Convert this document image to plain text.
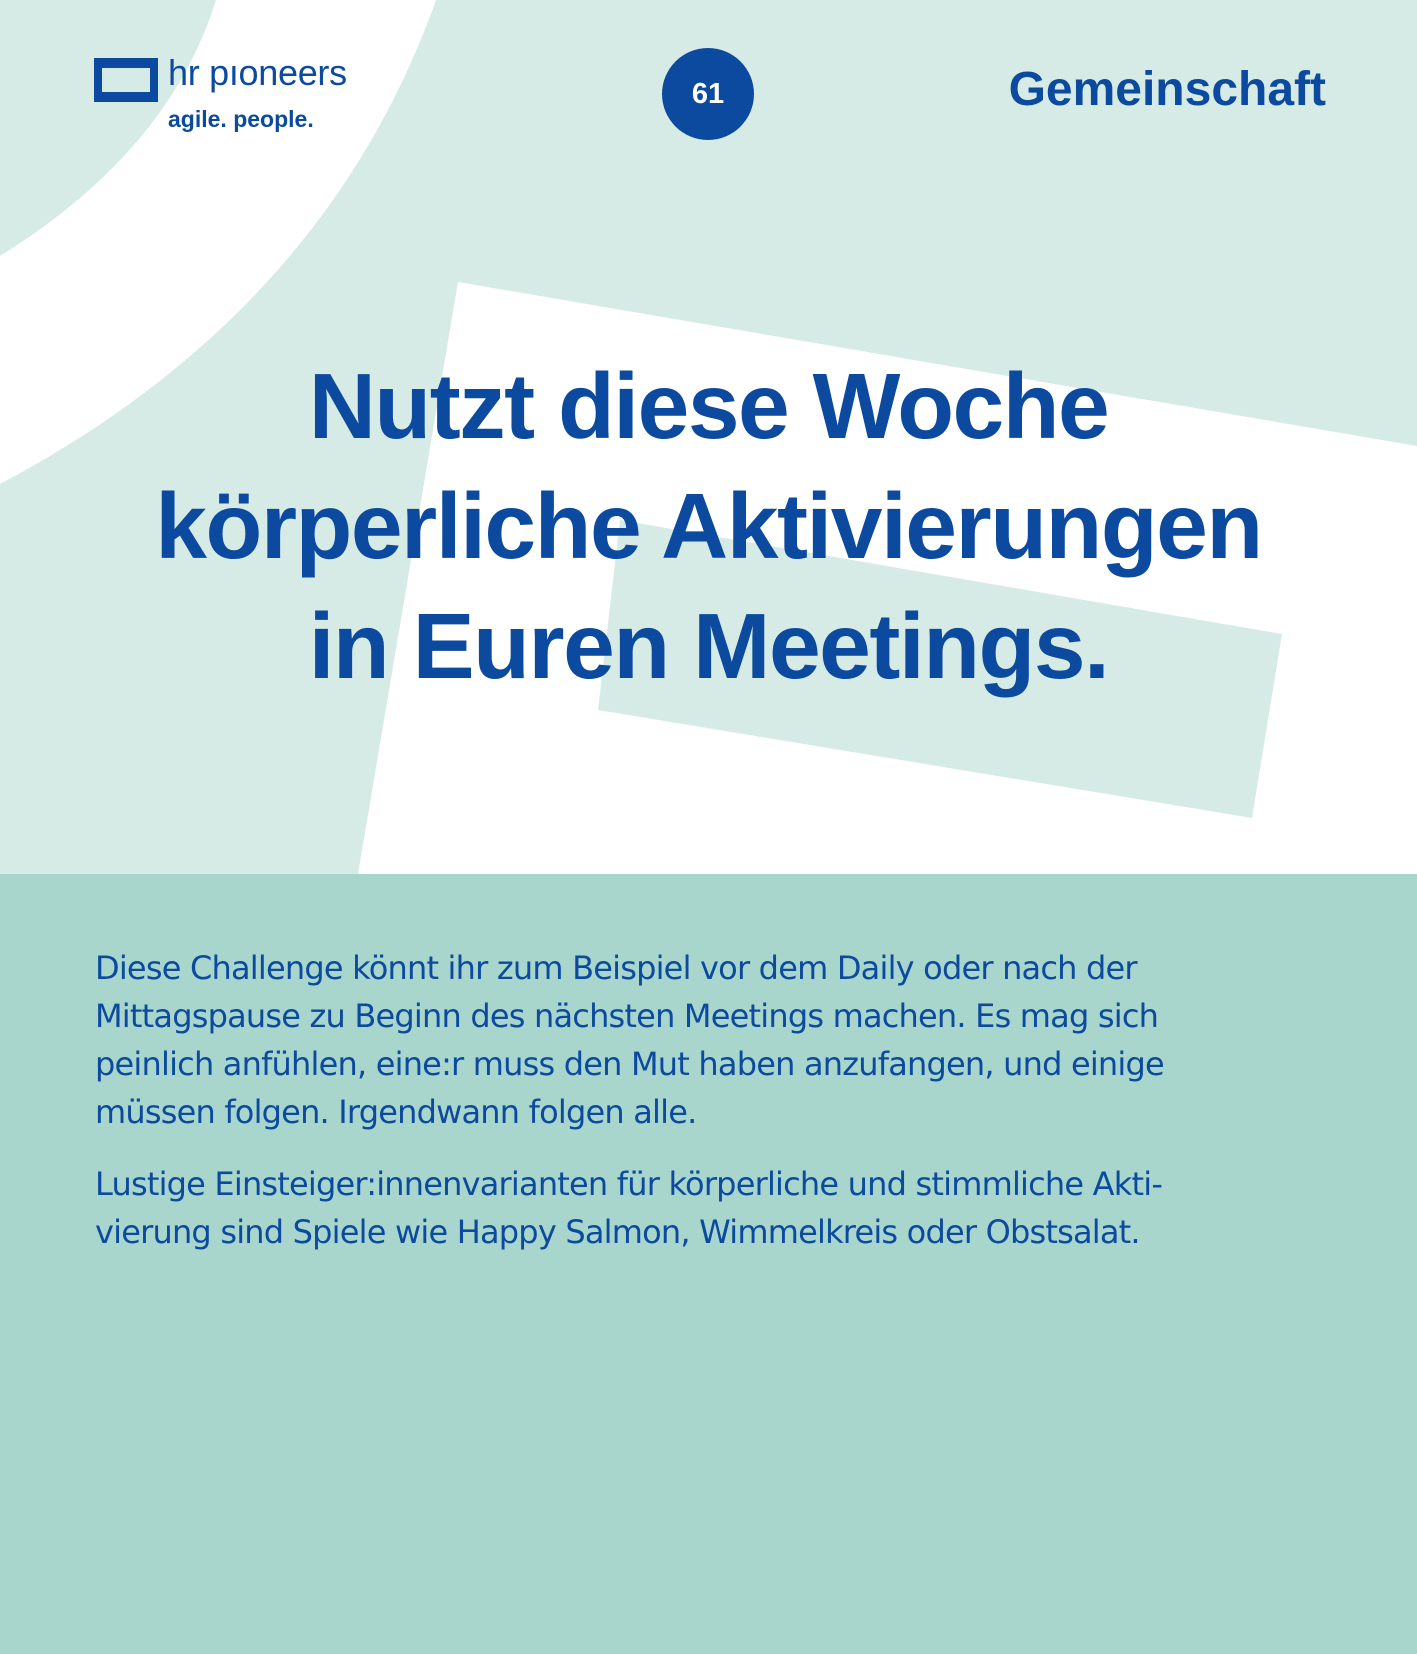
hr pıoneers
agile. people.
61	Gemeinschaft
Nutzt diese Woche
körperliche Aktivierungen
in Euren Meetings.

Diese Challenge könnt ihr zum Beispiel vor dem Daily oder nach der
Mittagspause zu Beginn des nächsten Meetings machen. Es mag sich
peinlich anfühlen, eine:r muss den Mut haben anzufangen, und einige
müssen folgen. Irgendwann folgen alle.

Lustige Einsteiger:innenvarianten für körperliche und stimmliche Akti-
vierung sind Spiele wie Happy Salmon, Wimmelkreis oder Obstsalat.
